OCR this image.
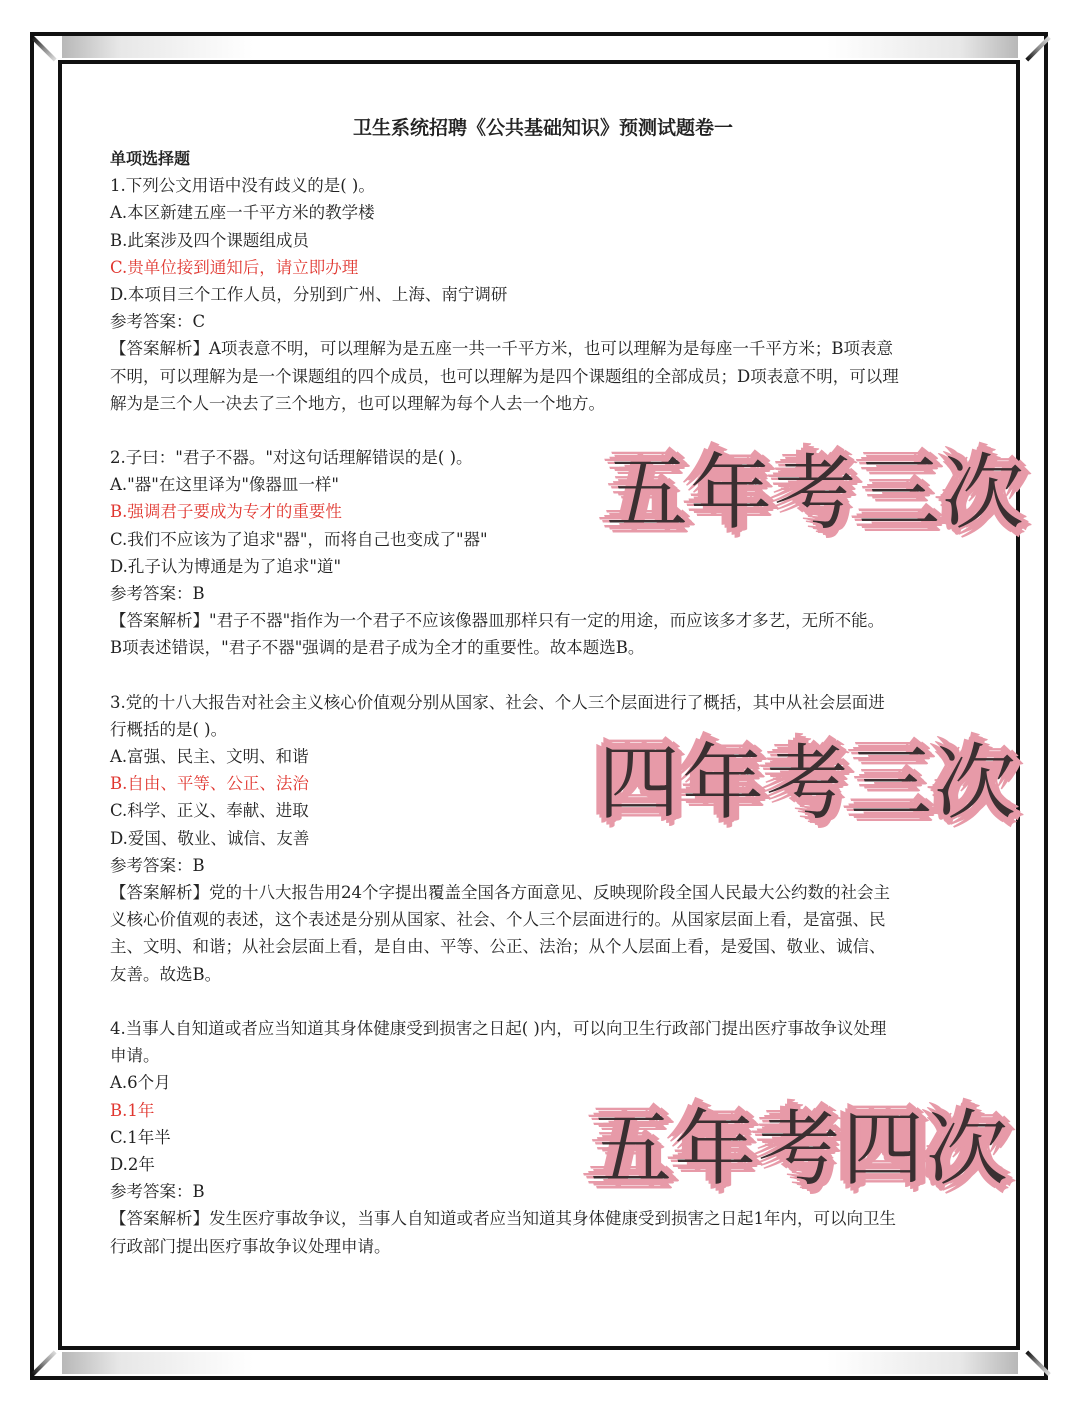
卫生系统招聘《公共基础知识》预测试题卷一
单项选择题
1.下列公文用语中没有歧义的是( )。
A.本区新建五座一千平方米的教学楼
B.此案涉及四个课题组成员
C.贵单位接到通知后，请立即办理
D.本项目三个工作人员，分别到广州、上海、南宁调研
参考答案：C
【答案解析】A项表意不明，可以理解为是五座一共一千平方米，也可以理解为是每座一千平方米；B项表意
不明，可以理解为是一个课题组的四个成员，也可以理解为是四个课题组的全部成员；D项表意不明，可以理
解为是三个人一决去了三个地方，也可以理解为每个人去一个地方。
2.子曰："君子不器。"对这句话理解错误的是( )。
A."器"在这里译为"像器皿一样"
B.强调君子要成为专才的重要性
C.我们不应该为了追求"器"，而将自己也变成了"器"
D.孔子认为博通是为了追求"道"
参考答案：B
【答案解析】"君子不器"指作为一个君子不应该像器皿那样只有一定的用途，而应该多才多艺，无所不能。
B项表述错误，"君子不器"强调的是君子成为全才的重要性。故本题选B。
3.党的十八大报告对社会主义核心价值观分别从国家、社会、个人三个层面进行了概括，其中从社会层面进
行概括的是( )。
A.富强、民主、文明、和谐
B.自由、平等、公正、法治
C.科学、正义、奉献、进取
D.爱国、敬业、诚信、友善
参考答案：B
【答案解析】党的十八大报告用24个字提出覆盖全国各方面意见、反映现阶段全国人民最大公约数的社会主
义核心价值观的表述，这个表述是分别从国家、社会、个人三个层面进行的。从国家层面上看，是富强、民
主、文明、和谐；从社会层面上看，是自由、平等、公正、法治；从个人层面上看，是爱国、敬业、诚信、
友善。故选B。
4.当事人自知道或者应当知道其身体健康受到损害之日起( )内，可以向卫生行政部门提出医疗事故争议处理
申请。
A.6个月
B.1年
C.1年半
D.2年
参考答案：B
【答案解析】发生医疗事故争议，当事人自知道或者应当知道其身体健康受到损害之日起1年内，可以向卫生
行政部门提出医疗事故争议处理申请。
五年考三次
四年考三次
五年考四次
